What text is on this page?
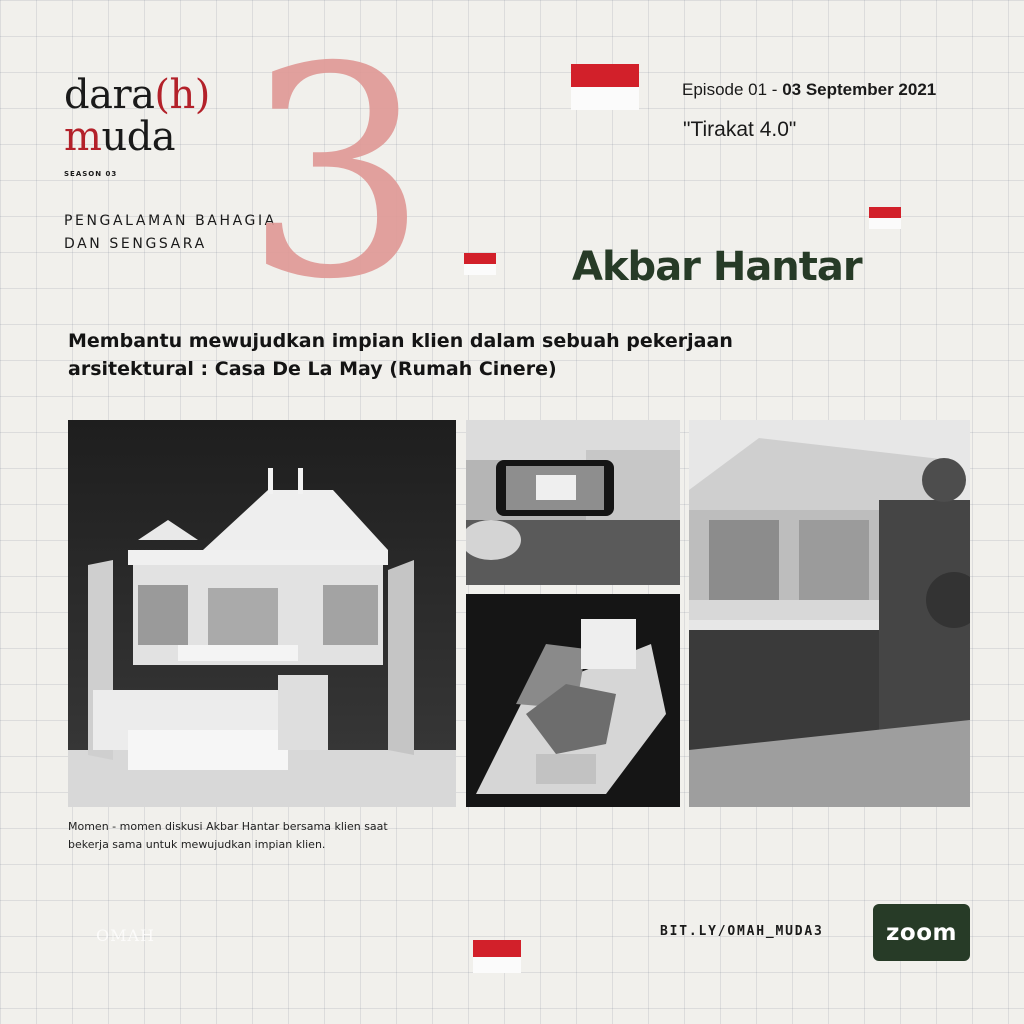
dara(h)
muda
SEASON 03
PENGALAMAN BAHAGIA
DAN SENGSARA 3	Episode 01 - 03 September 2021
"Tirakat 4.0"
Akbar Hantar
Membantu mewujudkan impian klien dalam sebuah pekerjaan
arsitektural : Casa De La May (Rumah Cinere)
Momen - momen diskusi Akbar Hantar bersama klien saat
bekerja sama untuk mewujudkan impian klien.
OMAH	BIT.LY/OMAH_MUDA3	zoom
